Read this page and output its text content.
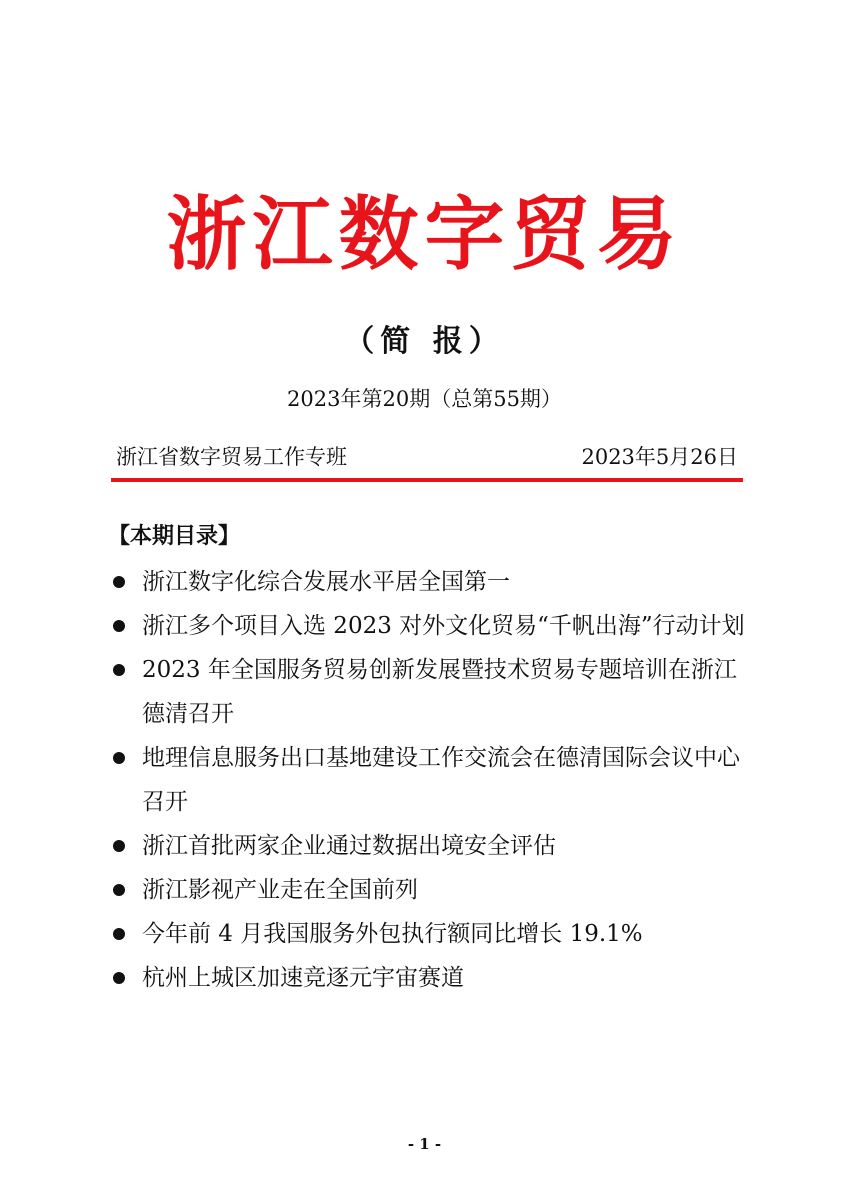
浙江数字贸易
（简 报）
2023年第20期（总第55期）
浙江省数字贸易工作专班	2023年5月26日
【本期目录】
浙江数字化综合发展水平居全国第一
浙江多个项目入选 2023 对外文化贸易“千帆出海”行动计划
2023 年全国服务贸易创新发展暨技术贸易专题培训在浙江德清召开
地理信息服务出口基地建设工作交流会在德清国际会议中心召开
浙江首批两家企业通过数据出境安全评估
浙江影视产业走在全国前列
今年前 4 月我国服务外包执行额同比增长 19.1%
杭州上城区加速竞逐元宇宙赛道
- 1 -
